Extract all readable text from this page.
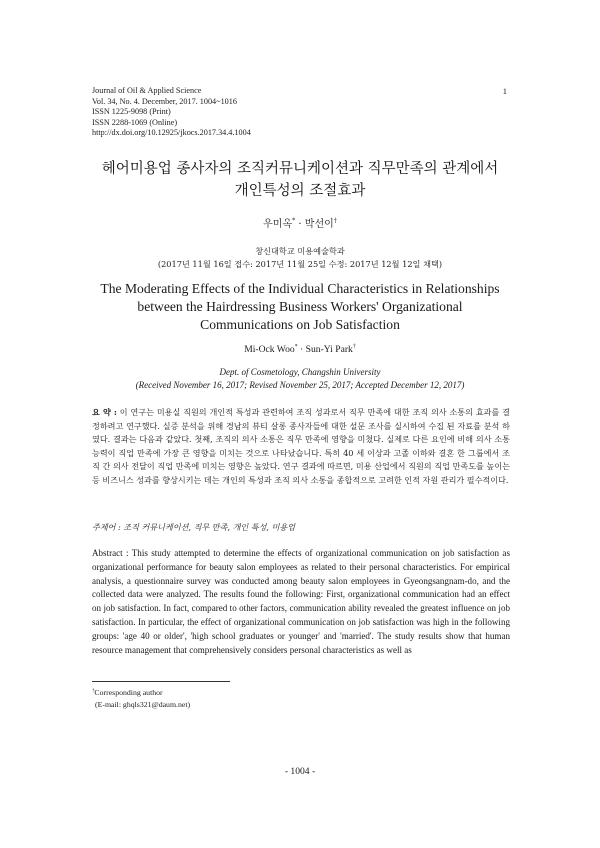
Journal of Oil & Applied Science
Vol. 34, No. 4. December, 2017. 1004~1016
ISSN 1225-9098 (Print)
ISSN 2288-1069 (Online)
http://dx.doi.org/10.12925/jkocs.2017.34.4.1004
1
헤어미용업 종사자의 조직커뮤니케이션과 직무만족의 관계에서
개인특성의 조절효과
우미옥* · 박선이†
창신대학교 미용예술학과
(2017년 11월 16일 접수: 2017년 11월 25일 수정: 2017년 12월 12일 채택)
The Moderating Effects of the Individual Characteristics in Relationships
between the Hairdressing Business Workers' Organizational
Communications on Job Satisfaction
Mi-Ock Woo* · Sun-Yi Park†
Dept. of Cosmetology, Changshin University
(Received November 16, 2017; Revised November 25, 2017; Accepted December 12, 2017)
요 약 : 이 연구는 미용실 직원의 개인적 특성과 관련하여 조직 성과로서 직무 만족에 대한 조직 의사 소통의 효과를 결정하려고 연구했다. 실증 분석을 위해 경남의 뷰티 살롱 종사자들에 대한 설문 조사를 실시하여 수집 된 자료를 분석 하였다. 결과는 다음과 같았다. 첫째, 조직의 의사 소통은 직무 만족에 영향을 미쳤다. 실제로 다른 요인에 비해 의사 소통 능력이 직업 만족에 가장 큰 영향을 미치는 것으로 나타났습니다. 특히 40 세 이상과 고졸 이하와 결혼 한 그룹에서 조직 간 의사 전달이 직업 만족에 미치는 영향은 높았다. 연구 결과에 따르면, 미용 산업에서 직원의 직업 만족도를 높이는 등 비즈니스 성과를 향상시키는 데는 개인의 특성과 조직 의사 소통을 종합적으로 고려한 인적 자원 관리가 필수적이다.
주제어 : 조직 커뮤니케이션, 직무 만족, 개인 특성, 미용업
Abstract : This study attempted to determine the effects of organizational communication on job satisfaction as organizational performance for beauty salon employees as related to their personal characteristics. For empirical analysis, a questionnaire survey was conducted among beauty salon employees in Gyeongsangnam-do, and the collected data were analyzed. The results found the following: First, organizational communication had an effect on job satisfaction. In fact, compared to other factors, communication ability revealed the greatest influence on job satisfaction. In particular, the effect of organizational communication on job satisfaction was high in the following groups: 'age 40 or older', 'high school graduates or younger' and 'married'. The study results show that human resource management that comprehensively considers personal characteristics as well as
†Corresponding author
(E-mail: ghqls321@daum.net)
- 1004 -
